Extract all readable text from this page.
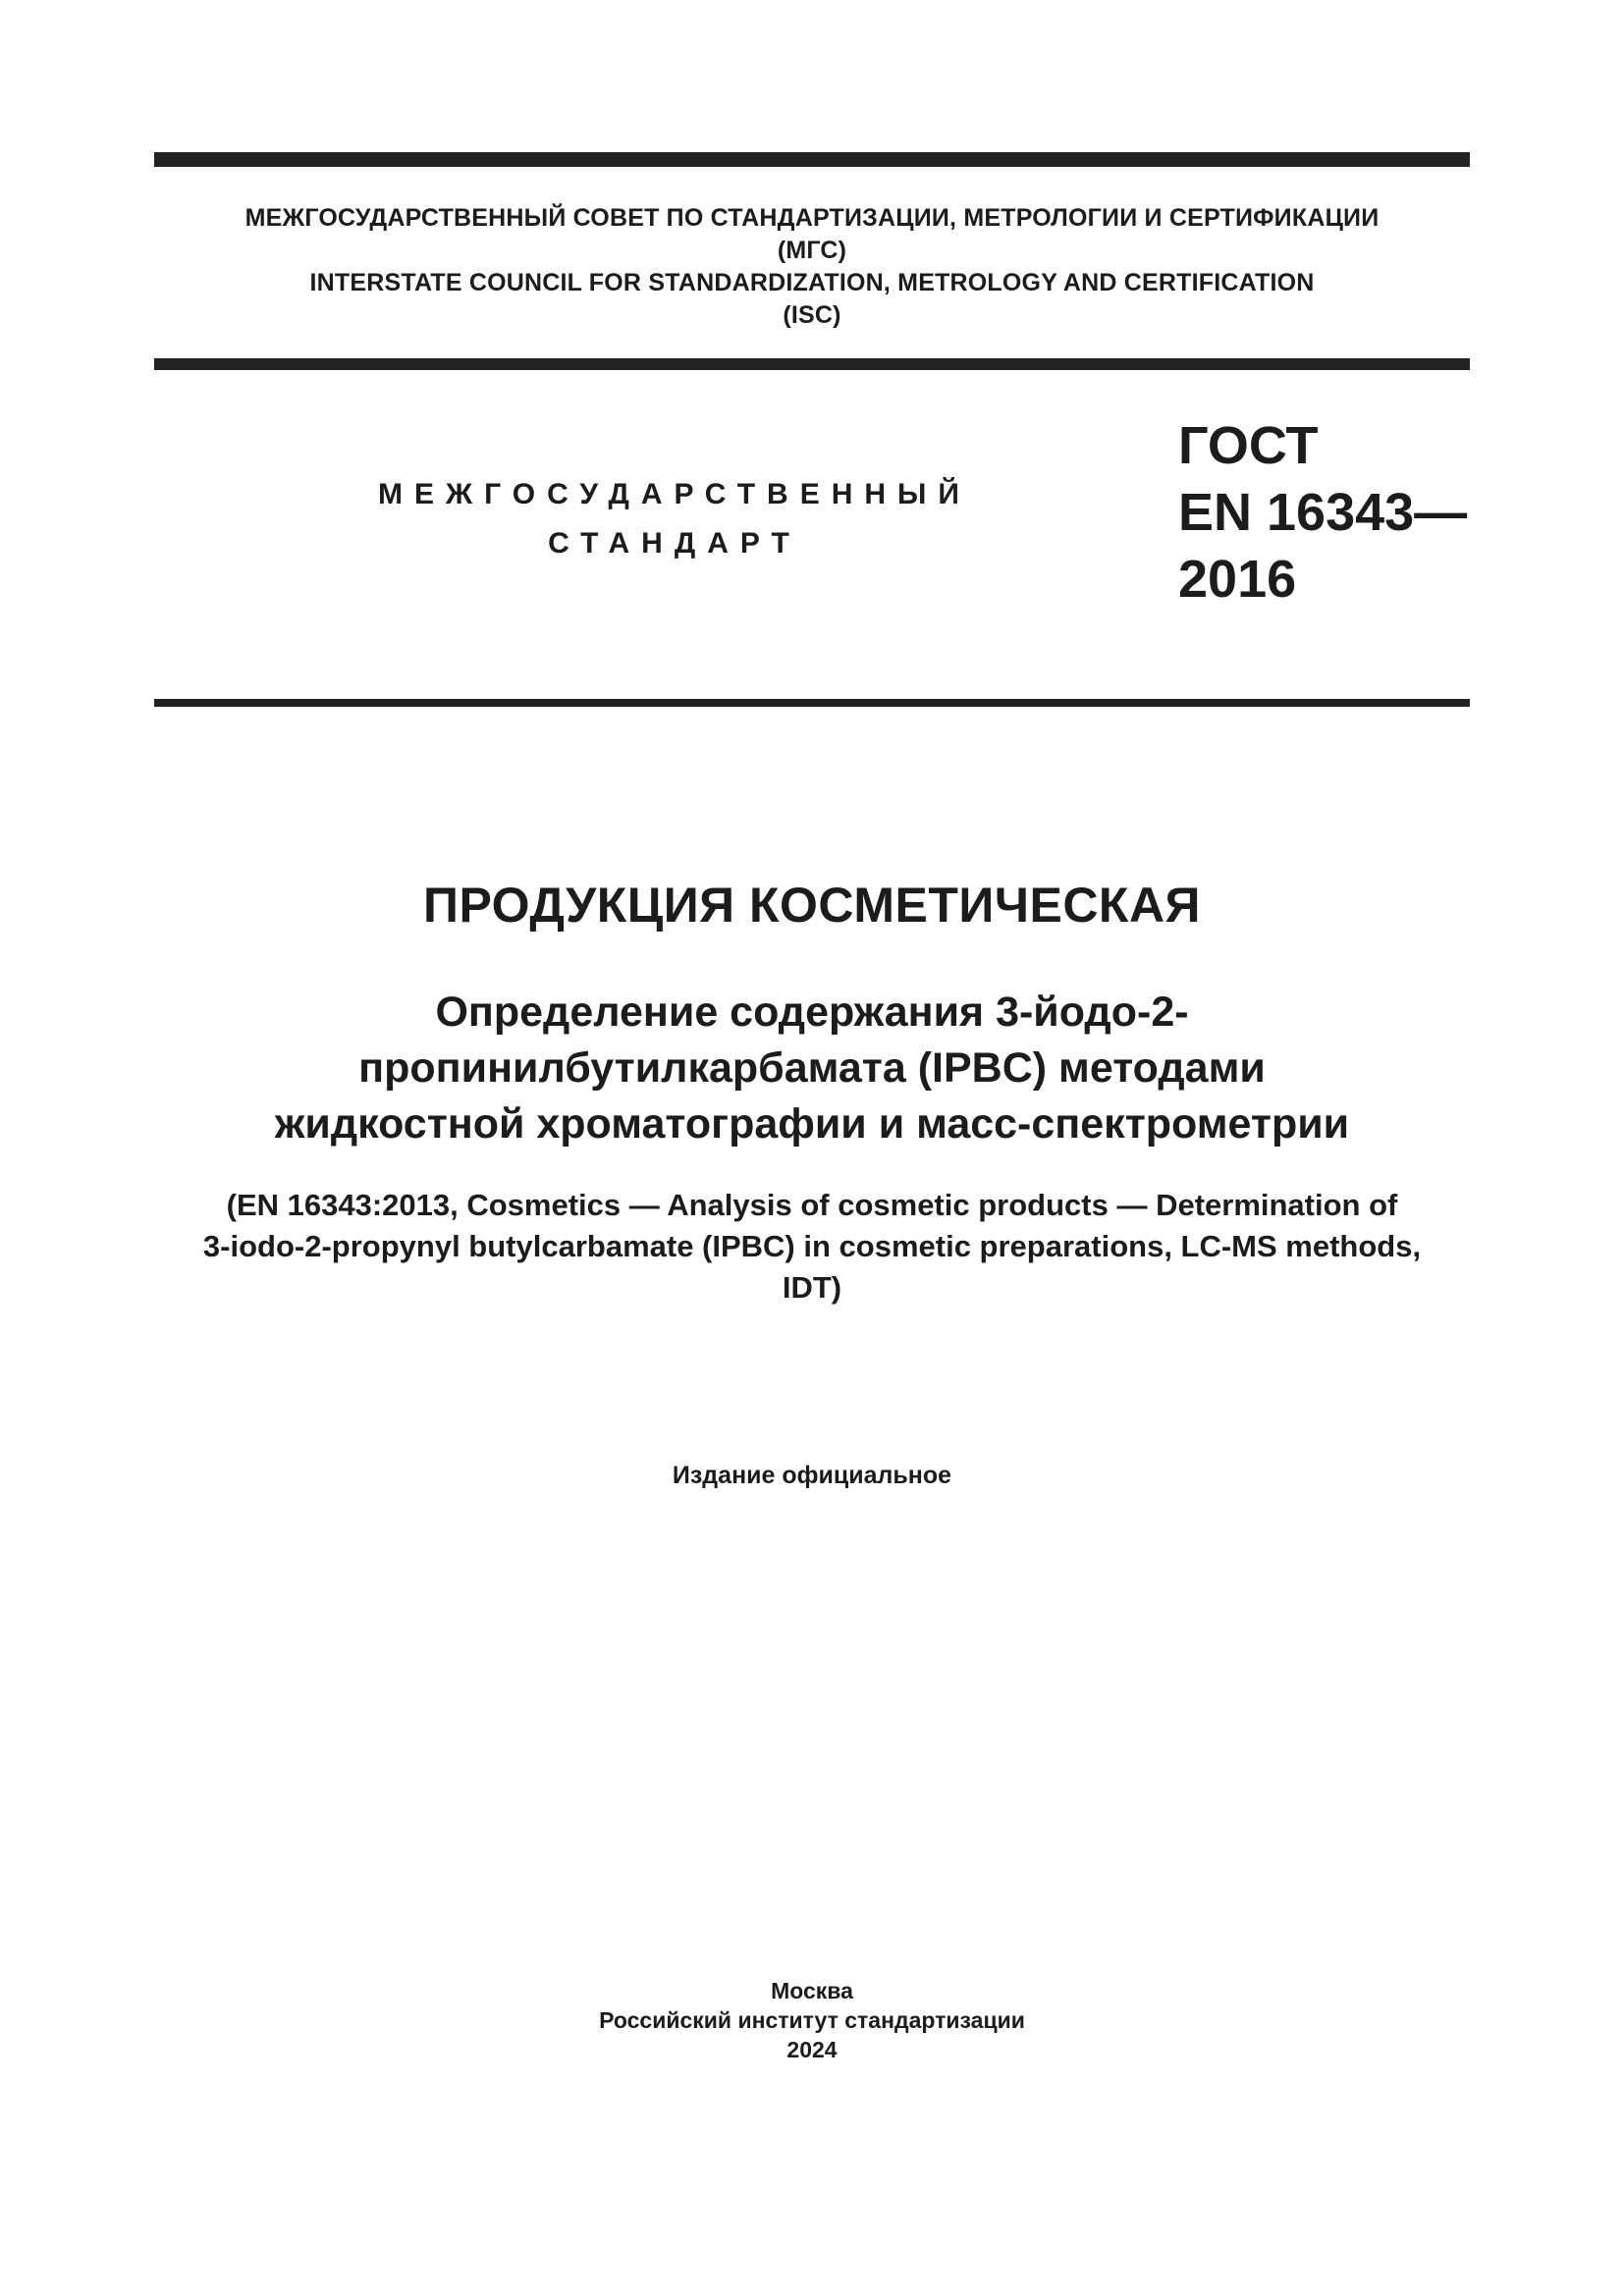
МЕЖГОСУДАРСТВЕННЫЙ СОВЕТ ПО СТАНДАРТИЗАЦИИ, МЕТРОЛОГИИ И СЕРТИФИКАЦИИ
(МГС)
INTERSTATE COUNCIL FOR STANDARDIZATION, METROLOGY AND CERTIFICATION
(ISC)
МЕЖГОСУДАРСТВЕННЫЙ
СТАНДАРТ
ГОСТ
EN 16343—
2016
ПРОДУКЦИЯ КОСМЕТИЧЕСКАЯ
Определение содержания 3-йодо-2-
пропинилбутилкарбамата (IPBC) методами
жидкостной хроматографии и масс-спектрометрии
(EN 16343:2013, Cosmetics — Analysis of cosmetic products — Determination of
3-iodo-2-propynyl butylcarbamate (IPBC) in cosmetic preparations, LC-MS methods,
IDT)
Издание официальное
Москва
Российский институт стандартизации
2024
